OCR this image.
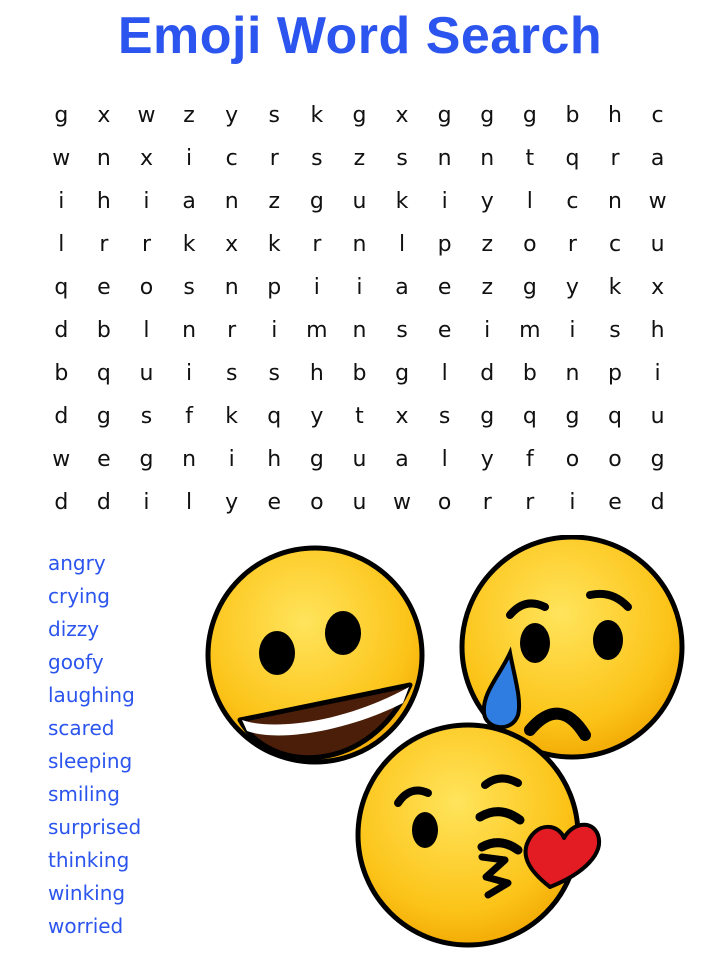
Emoji Word Search
g	x	w	z	y	s	k	g	x	g	g	g	b	h	c
w	n	x	i	c	r	s	z	s	n	n	t	q	r	a
i	h	i	a	n	z	g	u	k	i	y	l	c	n	w
l	r	r	k	x	k	r	n	l	p	z	o	r	c	u
q	e	o	s	n	p	i	i	a	e	z	g	y	k	x
d	b	l	n	r	i	m	n	s	e	i	m	i	s	h
b	q	u	i	s	s	h	b	g	l	d	b	n	p	i
d	g	s	f	k	q	y	t	x	s	g	q	g	q	u
w	e	g	n	i	h	g	u	a	l	y	f	o	o	g
d	d	i	l	y	e	o	u	w	o	r	r	i	e	d
angry
crying
dizzy
goofy
laughing
scared
sleeping
smiling
surprised
thinking
winking
worried
